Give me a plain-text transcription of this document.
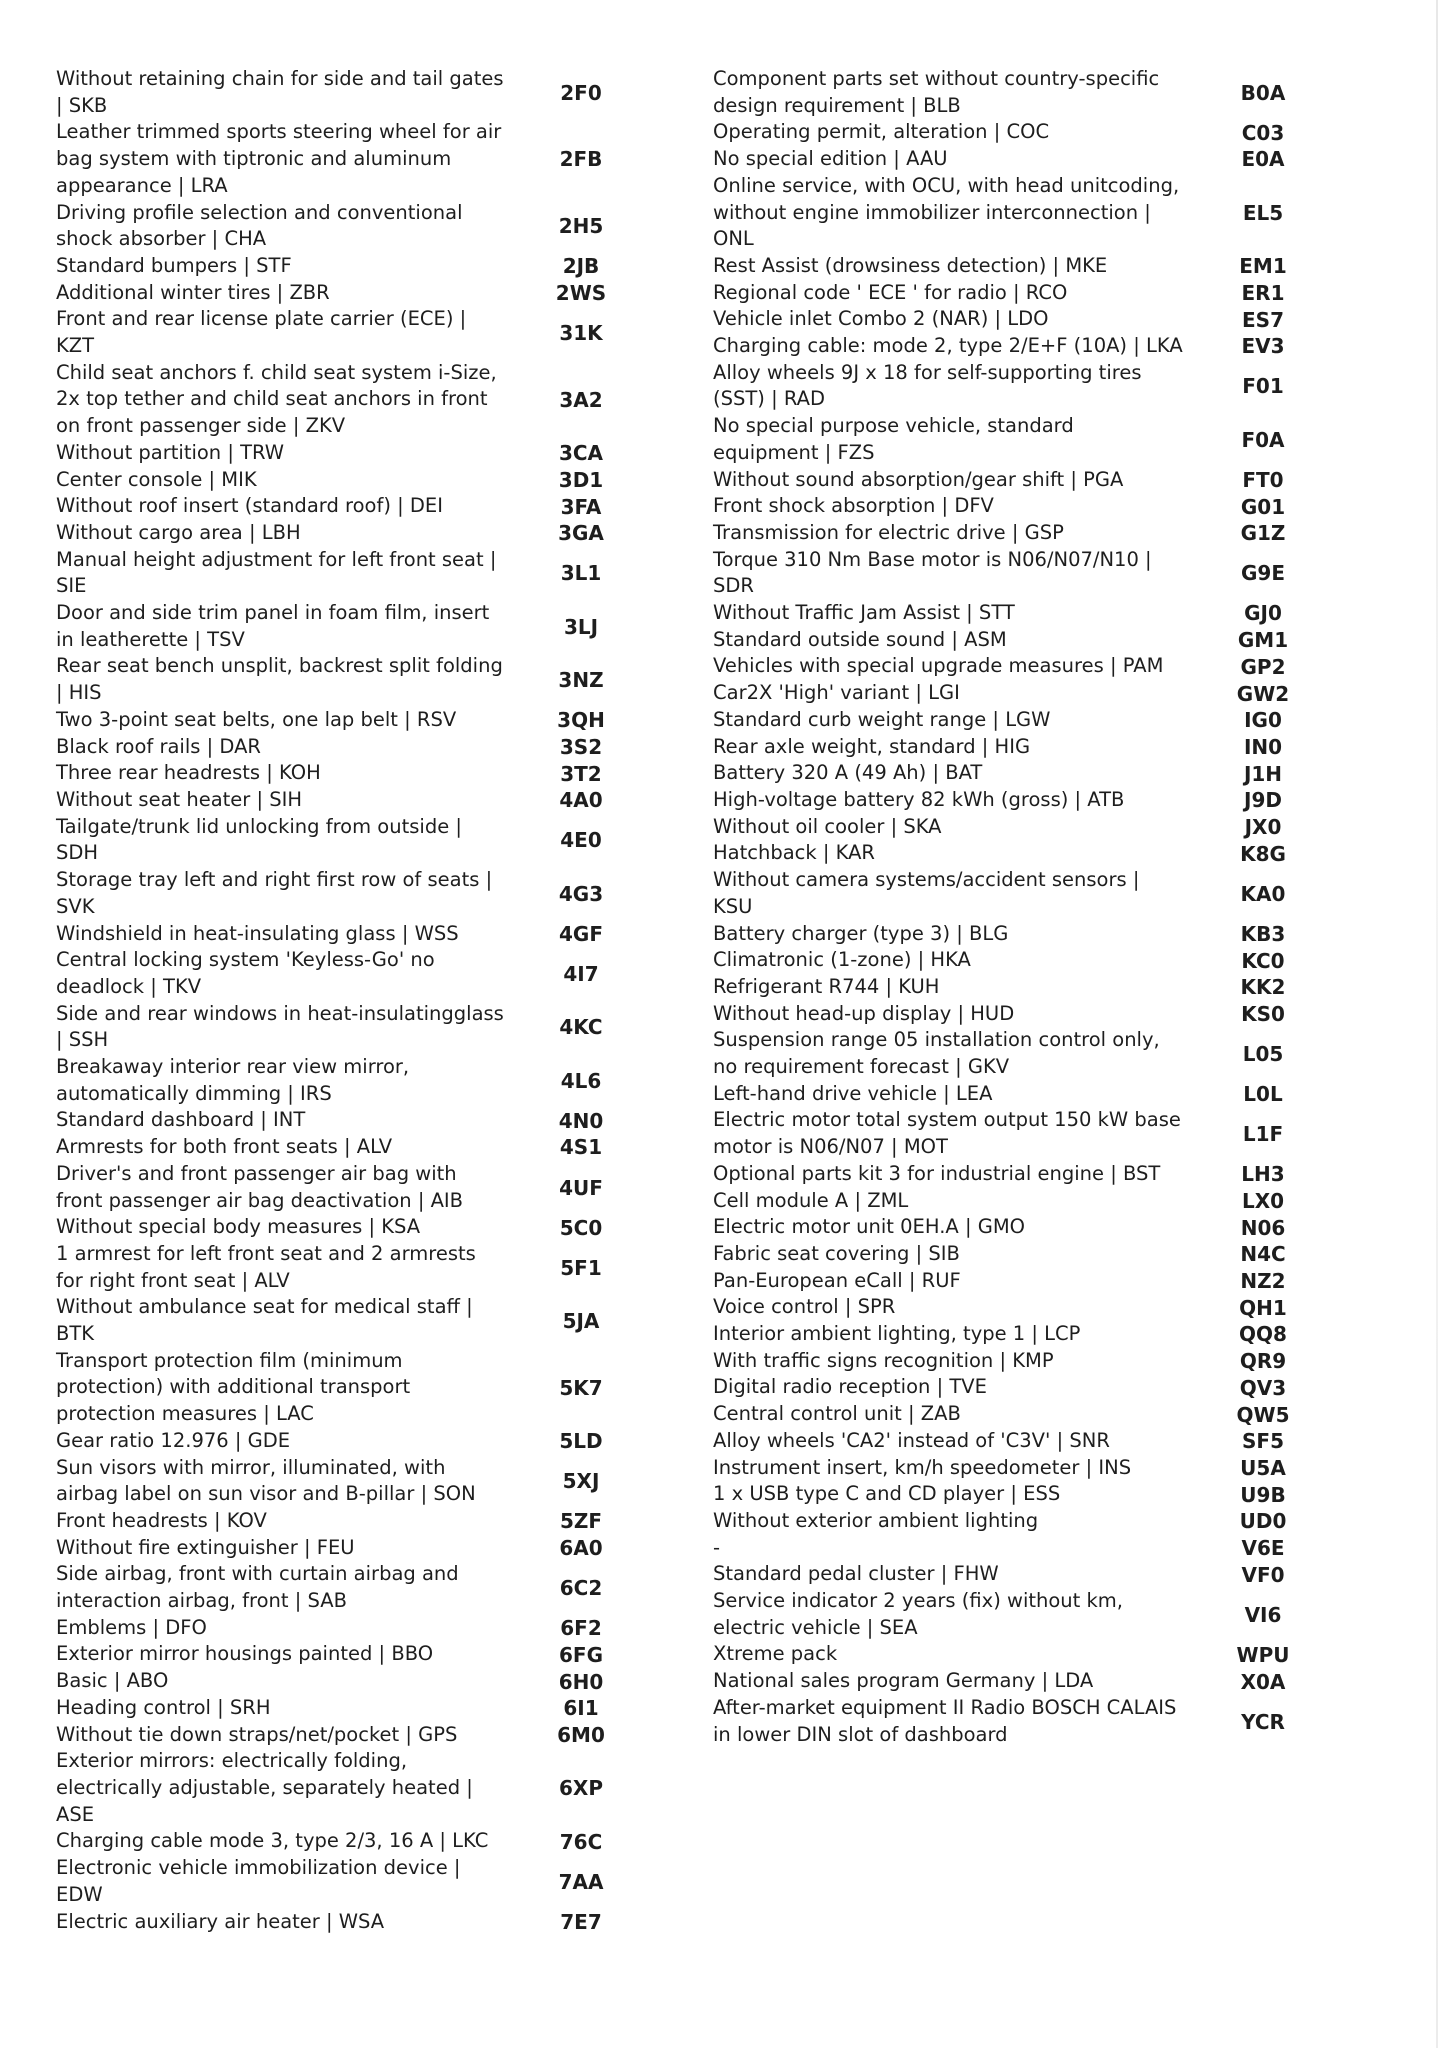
Without retaining chain for side and tail gates | SKB
2F0
Leather trimmed sports steering wheel for air bag system with tiptronic and aluminum appearance | LRA
2FB
Driving profile selection and conventional shock absorber | CHA
2H5
Standard bumpers | STF	2JB
Additional winter tires | ZBR	2WS
Front and rear license plate carrier (ECE) | KZT
31K
Child seat anchors f. child seat system i-Size, 2x top tether and child seat anchors in front on front passenger side | ZKV
3A2
Without partition | TRW	3CA
Center console | MIK	3D1
Without roof insert (standard roof) | DEI	3FA
Without cargo area | LBH	3GA
Manual height adjustment for left front seat | SIE
3L1
Door and side trim panel in foam film, insert in leatherette | TSV
3LJ
Rear seat bench unsplit, backrest split folding | HIS
3NZ
Two 3-point seat belts, one lap belt | RSV	3QH
Black roof rails | DAR	3S2
Three rear headrests | KOH	3T2
Without seat heater | SIH	4A0
Tailgate/trunk lid unlocking from outside | SDH
4E0
Storage tray left and right first row of seats | SVK
4G3
Windshield in heat-insulating glass | WSS	4GF
Central locking system 'Keyless-Go' no deadlock | TKV
4I7
Side and rear windows in heat-insulatingglass | SSH
4KC
Breakaway interior rear view mirror, automatically dimming | IRS
4L6
Standard dashboard | INT	4N0
Armrests for both front seats | ALV	4S1
Driver's and front passenger air bag with front passenger air bag deactivation | AIB
4UF
Without special body measures | KSA	5C0
1 armrest for left front seat and 2 armrests for right front seat | ALV
5F1
Without ambulance seat for medical staff | BTK
5JA
Transport protection film (minimum protection) with additional transport protection measures | LAC
5K7
Gear ratio 12.976 | GDE	5LD
Sun visors with mirror, illuminated, with airbag label on sun visor and B-pillar | SON
5XJ
Front headrests | KOV	5ZF
Without fire extinguisher | FEU	6A0
Side airbag, front with curtain airbag and interaction airbag, front | SAB
6C2
Emblems | DFO	6F2
Exterior mirror housings painted | BBO	6FG
Basic | ABO	6H0
Heading control | SRH	6I1
Without tie down straps/net/pocket | GPS	6M0
Exterior mirrors: electrically folding, electrically adjustable, separately heated | ASE
6XP
Charging cable mode 3, type 2/3, 16 A | LKC	76C
Electronic vehicle immobilization device | EDW
7AA
Electric auxiliary air heater | WSA	7E7
Component parts set without country-specific design requirement | BLB
B0A
Operating permit, alteration | COC	C03
No special edition | AAU	E0A
Online service, with OCU, with head unitcoding, without engine immobilizer interconnection | ONL
EL5
Rest Assist (drowsiness detection) | MKE	EM1
Regional code ' ECE ' for radio | RCO	ER1
Vehicle inlet Combo 2 (NAR) | LDO	ES7
Charging cable: mode 2, type 2/E+F (10A) | LKA	EV3
Alloy wheels 9J x 18 for self-supporting tires (SST) | RAD
F01
No special purpose vehicle, standard equipment | FZS
F0A
Without sound absorption/gear shift | PGA	FT0
Front shock absorption | DFV	G01
Transmission for electric drive | GSP	G1Z
Torque 310 Nm Base motor is N06/N07/N10 | SDR
G9E
Without Traffic Jam Assist | STT	GJ0
Standard outside sound | ASM	GM1
Vehicles with special upgrade measures | PAM	GP2
Car2X 'High' variant | LGI	GW2
Standard curb weight range | LGW	IG0
Rear axle weight, standard | HIG	IN0
Battery 320 A (49 Ah) | BAT	J1H
High-voltage battery 82 kWh (gross) | ATB	J9D
Without oil cooler | SKA	JX0
Hatchback | KAR	K8G
Without camera systems/accident sensors | KSU
KA0
Battery charger (type 3) | BLG	KB3
Climatronic (1-zone) | HKA	KC0
Refrigerant R744 | KUH	KK2
Without head-up display | HUD	KS0
Suspension range 05 installation control only, no requirement forecast | GKV
L05
Left-hand drive vehicle | LEA	L0L
Electric motor total system output 150 kW base motor is N06/N07 | MOT
L1F
Optional parts kit 3 for industrial engine | BST	LH3
Cell module A | ZML	LX0
Electric motor unit 0EH.A | GMO	N06
Fabric seat covering | SIB	N4C
Pan-European eCall | RUF	NZ2
Voice control | SPR	QH1
Interior ambient lighting, type 1 | LCP	QQ8
With traffic signs recognition | KMP	QR9
Digital radio reception | TVE	QV3
Central control unit | ZAB	QW5
Alloy wheels 'CA2' instead of 'C3V' | SNR	SF5
Instrument insert, km/h speedometer | INS	U5A
1 x USB type C and CD player | ESS	U9B
Without exterior ambient lighting	UD0
-	V6E
Standard pedal cluster | FHW	VF0
Service indicator 2 years (fix) without km, electric vehicle | SEA
VI6
Xtreme pack	WPU
National sales program Germany | LDA	X0A
After-market equipment II Radio BOSCH CALAIS in lower DIN slot of dashboard
YCR
